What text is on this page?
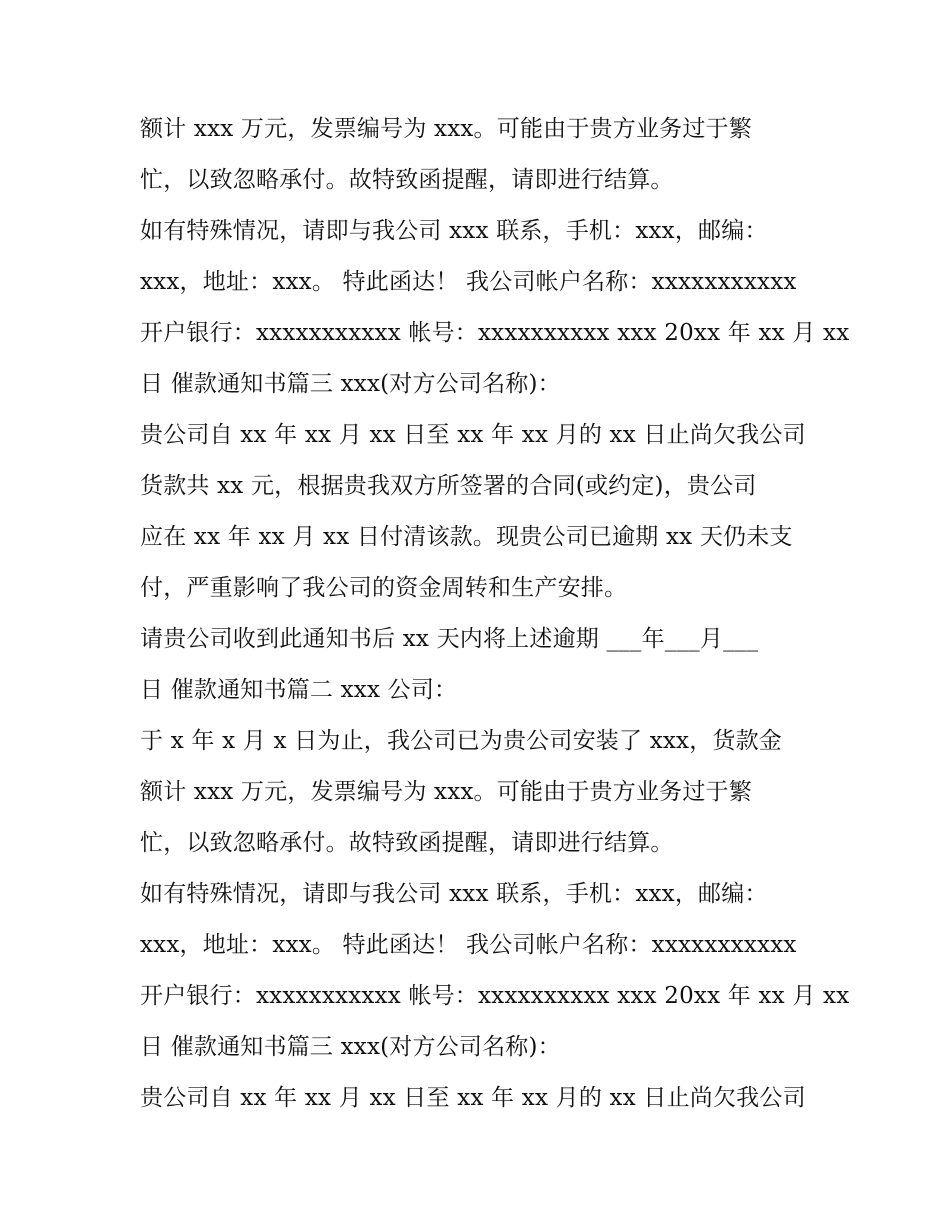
额计 xxx 万元，发票编号为 xxx。可能由于贵方业务过于繁
忙，以致忽略承付。故特致函提醒，请即进行结算。
如有特殊情况，请即与我公司 xxx 联系，手机：xxx，邮编：
xxx，地址：xxx。 特此函达！ 我公司帐户名称：xxxxxxxxxxx
开户银行：xxxxxxxxxxx 帐号：xxxxxxxxxx xxx 20xx 年 xx 月 xx
日 催款通知书篇三 xxx(对方公司名称)：
贵公司自 xx 年 xx 月 xx 日至 xx 年 xx 月的 xx 日止尚欠我公司
货款共 xx 元，根据贵我双方所签署的合同(或约定)，贵公司
应在 xx 年 xx 月 xx 日付清该款。现贵公司已逾期 xx 天仍未支
付，严重影响了我公司的资金周转和生产安排。
请贵公司收到此通知书后 xx 天内将上述逾期 ___年___月___
日 催款通知书篇二 xxx 公司：
于 x 年 x 月 x 日为止，我公司已为贵公司安装了 xxx，货款金
额计 xxx 万元，发票编号为 xxx。可能由于贵方业务过于繁
忙，以致忽略承付。故特致函提醒，请即进行结算。
如有特殊情况，请即与我公司 xxx 联系，手机：xxx，邮编：
xxx，地址：xxx。 特此函达！ 我公司帐户名称：xxxxxxxxxxx
开户银行：xxxxxxxxxxx 帐号：xxxxxxxxxx xxx 20xx 年 xx 月 xx
日 催款通知书篇三 xxx(对方公司名称)：
贵公司自 xx 年 xx 月 xx 日至 xx 年 xx 月的 xx 日止尚欠我公司
